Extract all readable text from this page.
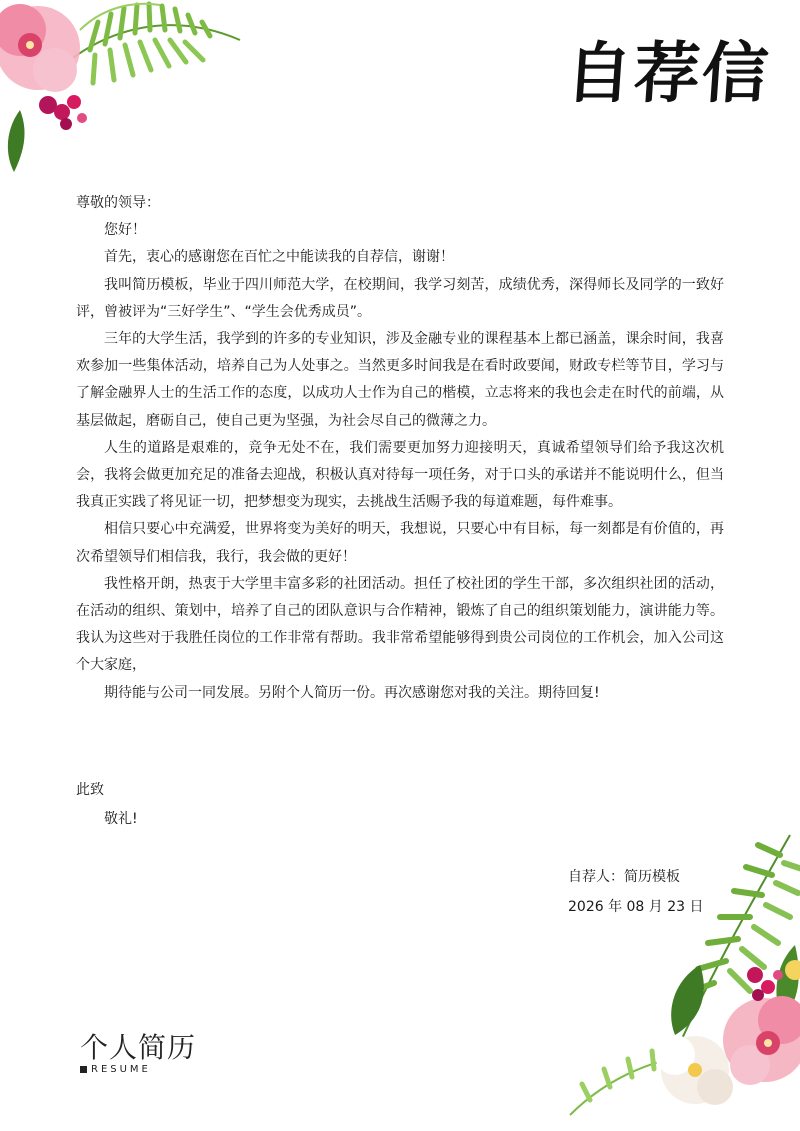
自荐信

尊敬的领导：

您好！

首先，衷心的感谢您在百忙之中能读我的自荐信，谢谢！

我叫简历模板，毕业于四川师范大学，在校期间，我学习刻苦，成绩优秀，深得师长及同学的一致好评，曾被评为“三好学生”、“学生会优秀成员”。

三年的大学生活，我学到的许多的专业知识，涉及金融专业的课程基本上都已涵盖，课余时间，我喜欢参加一些集体活动，培养自己为人处事之。当然更多时间我是在看时政要闻，财政专栏等节目，学习与了解金融界人士的生活工作的态度，以成功人士作为自己的楷模，立志将来的我也会走在时代的前端，从基层做起，磨砺自己，使自己更为坚强，为社会尽自己的微薄之力。

人生的道路是艰难的，竞争无处不在，我们需要更加努力迎接明天，真诚希望领导们给予我这次机会，我将会做更加充足的准备去迎战，积极认真对待每一项任务，对于口头的承诺并不能说明什么，但当我真正实践了将见证一切，把梦想变为现实，去挑战生活赐予我的每道难题，每件难事。

相信只要心中充满爱，世界将变为美好的明天，我想说，只要心中有目标，每一刻都是有价值的，再次希望领导们相信我，我行，我会做的更好！

我性格开朗，热衷于大学里丰富多彩的社团活动。担任了校社团的学生干部，多次组织社团的活动，在活动的组织、策划中，培养了自己的团队意识与合作精神，锻炼了自己的组织策划能力，演讲能力等。我认为这些对于我胜任岗位的工作非常有帮助。我非常希望能够得到贵公司岗位的工作机会，加入公司这个大家庭，

期待能与公司一同发展。另附个人简历一份。再次感谢您对我的关注。期待回复!

此致
敬礼!
自荐人：简历模板
2026 年 08 月 23 日
个人简历
RESUME
